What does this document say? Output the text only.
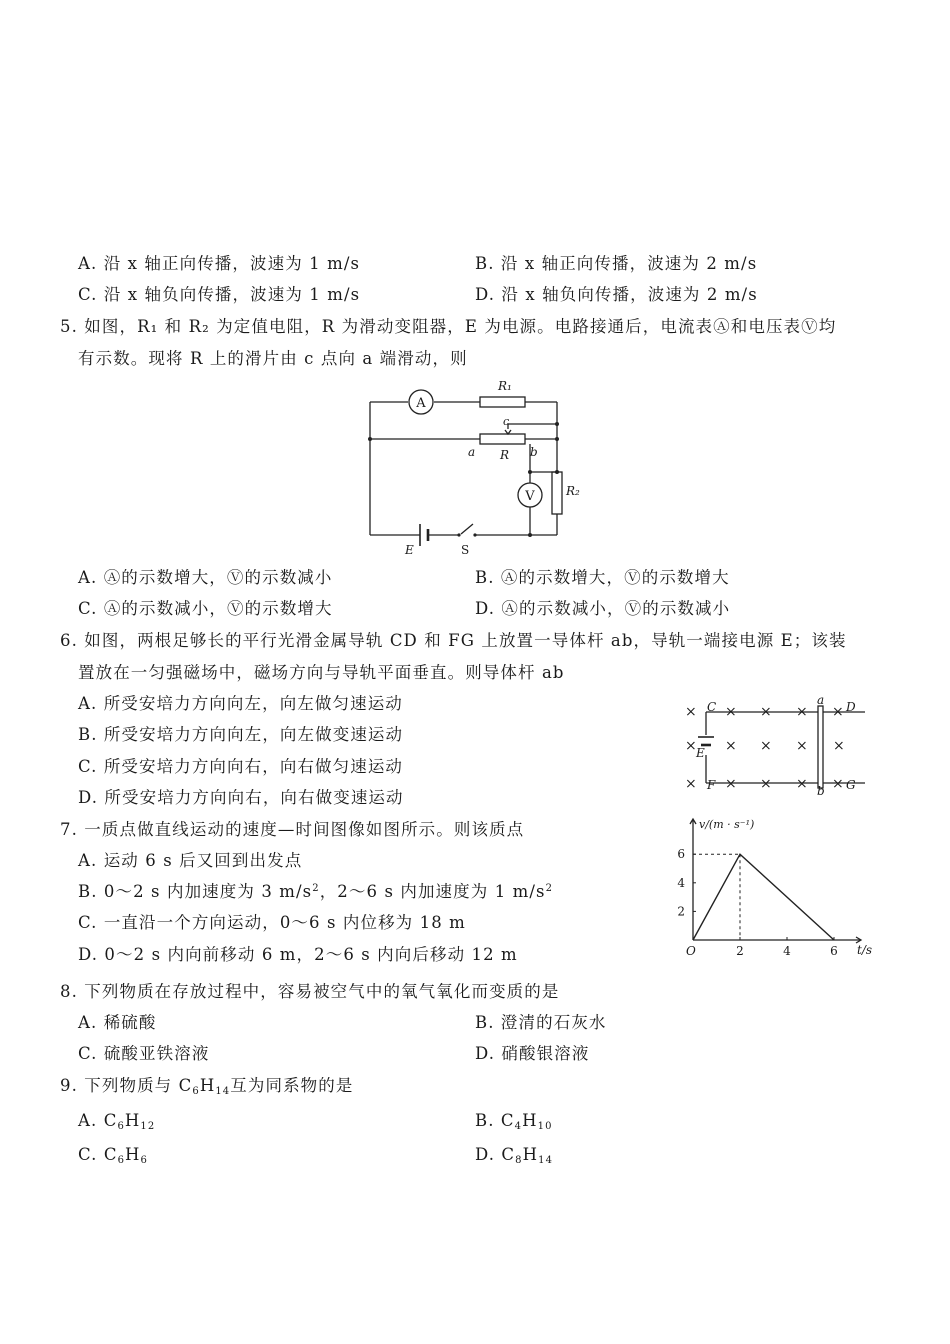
A. 沿 x 轴正向传播，波速为 1 m/s	B. 沿 x 轴正向传播，波速为 2 m/s
C. 沿 x 轴负向传播，波速为 1 m/s	D. 沿 x 轴负向传播，波速为 2 m/s
5. 如图，R₁ 和 R₂ 为定值电阻，R 为滑动变阻器，E 为电源。电路接通后，电流表Ⓐ和电压表Ⓥ均
有示数。现将 R 上的滑片由 c 点向 a 端滑动，则
A
V
R₁
R₂
R
a	b
c
E	S
A. Ⓐ的示数增大，Ⓥ的示数减小	B. Ⓐ的示数增大，Ⓥ的示数增大
C. Ⓐ的示数减小，Ⓥ的示数增大	D. Ⓐ的示数减小，Ⓥ的示数减小
6. 如图，两根足够长的平行光滑金属导轨 CD 和 FG 上放置一导体杆 ab，导轨一端接电源 E；该装
置放在一匀强磁场中，磁场方向与导轨平面垂直。则导体杆 ab
A. 所受安培力方向向左，向左做匀速运动
B. 所受安培力方向向左，向左做变速运动
C. 所受安培力方向向右，向右做匀速运动
D. 所受安培力方向向右，向右做变速运动
× × × × ×
× × × × ×
× × × × ×
C	D
E
F	G
a
b
7. 一质点做直线运动的速度—时间图像如图所示。则该质点
A. 运动 6 s 后又回到出发点
B. 0～2 s 内加速度为 3 $m/s^2$，2～6 s 内加速度为 1 $m/s^2$
C. 一直沿一个方向运动，0～6 s 内位移为 18 m
D. 0～2 s 内向前移动 6 m，2～6 s 内向后移动 12 m	2	4	6
2
4
6
v/(m · s⁻¹)
t/s
O
8. 下列物质在存放过程中，容易被空气中的氧气氧化而变质的是
A. 稀硫酸	B. 澄清的石灰水
C. 硫酸亚铁溶液	D. 硝酸银溶液
9. 下列物质与 $C_6H_{14}$互为同系物的是
A. $C_6H_{12}$	B. $C_4H_{10}$
C. $C_6H_6$	D. $C_8H_{14}$
